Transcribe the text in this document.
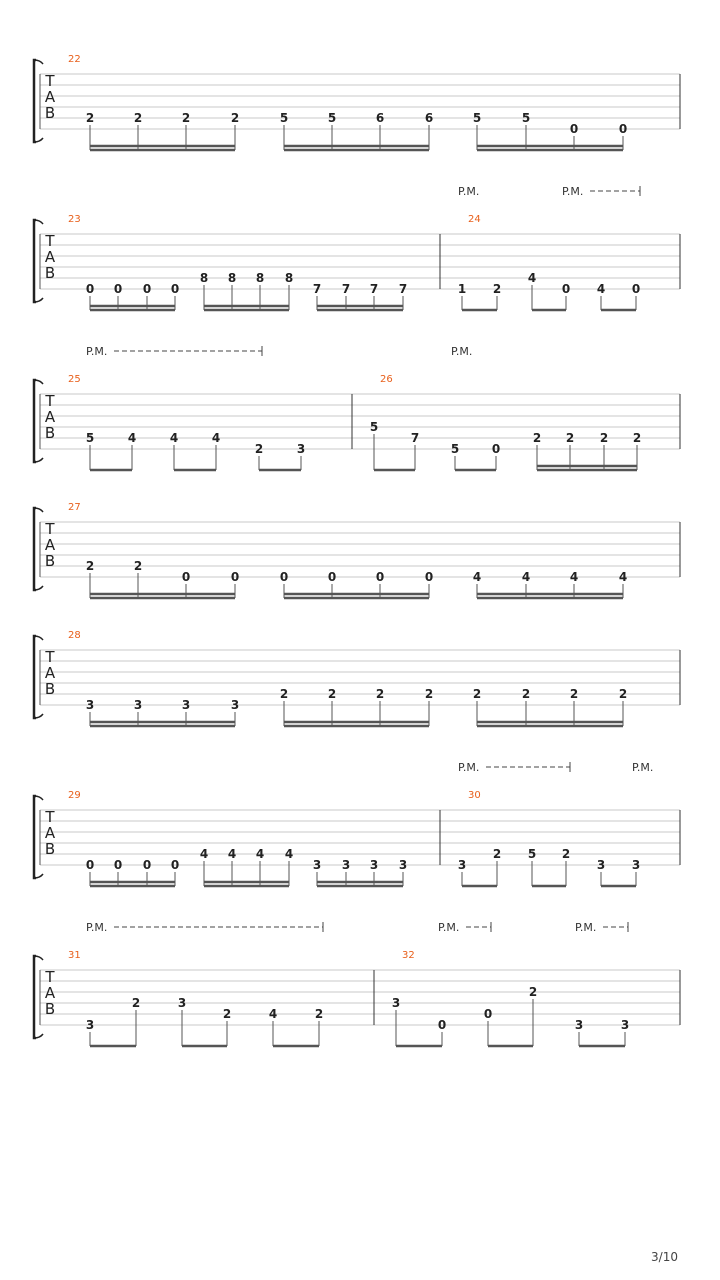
T
A
B
22
2	2	2	2	5	5	6	6	5	5
0	0
T
A
B
23
0 0 0 0
8 8 8 8
7 7 7 7
24
1 2
4
0 4 0
P.M.	P.M.
T
A
B
25
5	4	4	4
2	3
26
5
7
5	0
2 2 2 2
P.M.	P.M.
T
A
B
27
2	2
0	0	0	0	0	0	4	4	4	4
T
A
B
28
3	3	3	3
2	2	2	2	2	2	2	2
T
A
B
29
0 0 0 0
4 4 4 4
3 3 3 3
30
3
2 5 2
3 3
P.M.	P.M.
T
A
B
31
3
2	3
2	4	2
32
3
0
0
2
3	3
P.M.	P.M.	P.M.
3/10
